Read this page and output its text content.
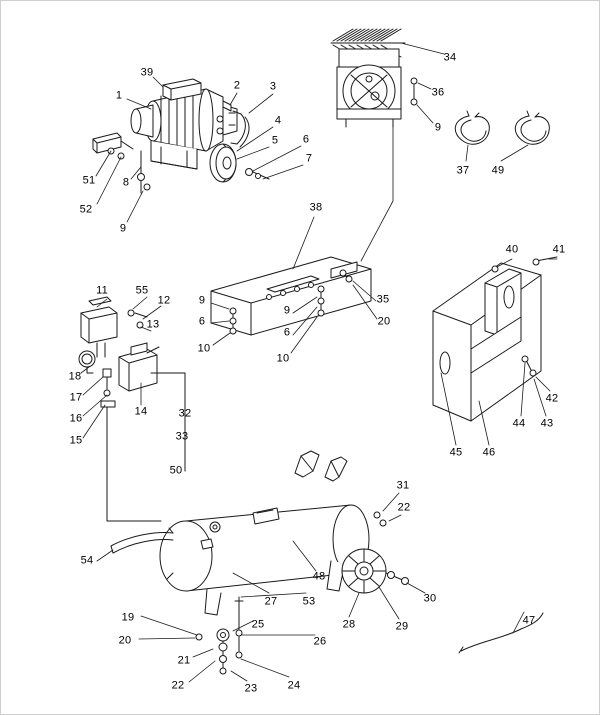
39
1
2	3
4
5 6
7
51	8
52
9
34
36
9
37 49
38
40	41
11	55
12
13
9
6
10
9
6
10
35
20
18
17
16
15
14
42
43
44
45 46
32
33
50
31
22
54
48
30
29
28
53
27
19
20
25
26
21
22	23	24
47
